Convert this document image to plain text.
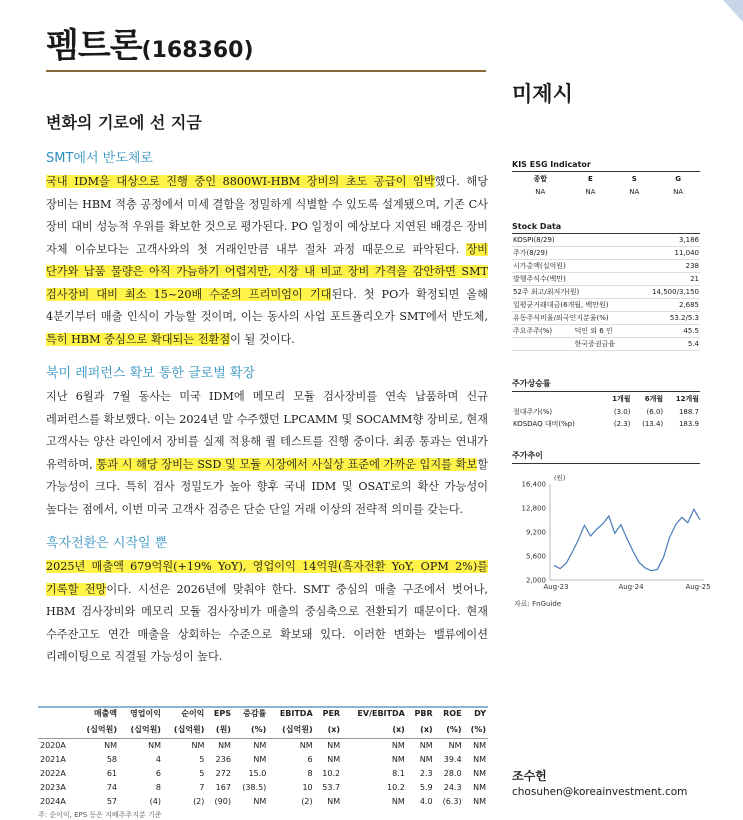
펨트론(168360)
미제시
변화의 기로에 선 지금
SMT에서 반도체로

국내 IDM을 대상으로 진행 중인 8800WI-HBM 장비의 초도 공급이 임박했다. 해당 장비는 HBM 적층 공정에서 미세 결함을 정밀하게 식별할 수 있도록 설계됐으며, 기존 C사 장비 대비 성능적 우위를 확보한 것으로 평가된다. PO 일정이 예상보다 지연된 배경은 장비 자체 이슈보다는 고객사와의 첫 거래인만큼 내부 절차 과정 때문으로 파악된다. 장비 단가와 납품 물량은 아직 가늠하기 어렵지만, 시장 내 비교 장비 가격을 감안하면 SMT 검사장비 대비 최소 15~20배 수준의 프리미엄이 기대된다. 첫 PO가 확정되면 올해 4분기부터 매출 인식이 가능할 것이며, 이는 동사의 사업 포트폴리오가 SMT에서 반도체, 특히 HBM 중심으로 확대되는 전환점이 될 것이다.

북미 레퍼런스 확보 통한 글로벌 확장

지난 6월과 7월 동사는 미국 IDM에 메모리 모듈 검사장비를 연속 납품하며 신규 레퍼런스를 확보했다. 이는 2024년 말 수주했던 LPCAMM 및 SOCAMM향 장비로, 현재 고객사는 양산 라인에서 장비를 실제 적용해 퀄 테스트를 진행 중이다. 최종 통과는 연내가 유력하며, 통과 시 해당 장비는 SSD 및 모듈 시장에서 사실상 표준에 가까운 입지를 확보할 가능성이 크다. 특히 검사 정밀도가 높아 향후 국내 IDM 및 OSAT로의 확산 가능성이 높다는 점에서, 이번 미국 고객사 검증은 단순 단일 거래 이상의 전략적 의미를 갖는다.

흑자전환은 시작일 뿐

2025년 매출액 679억원(+19% YoY), 영업이익 14억원(흑자전환 YoY, OPM 2%)를 기록할 전망이다. 시선은 2026년에 맞춰야 한다. SMT 중심의 매출 구조에서 벗어나, HBM 검사장비와 메모리 모듈 검사장비가 매출의 중심축으로 전환되기 때문이다. 현재 수주잔고도 연간 매출을 상회하는 수준으로 확보돼 있다. 이러한 변화는 밸류에이션 리레이팅으로 직결될 가능성이 높다.

	매출액	영업이익	순이익	EPS	증감률	EBITDA	PER	EV/EBITDA	PBR	ROE	DY
	(십억원)	(십억원)	(십억원)	(원)	(%)	(십억원)	(x)	(x)	(x)	(%)	(%)
2020A	NM	NM	NM	NM	NM	NM	NM	NM	NM	NM	NM
2021A	58	4	5	236	NM	6	NM	NM	NM	39.4	NM
2022A	61	6	5	272	15.0	8	10.2	8.1	2.3	28.0	NM
2023A	74	8	7	167	(38.5)	10	53.7	10.2	5.9	24.3	NM
2024A	57	(4)	(2)	(90)	NM	(2)	NM	NM	4.0	(6.3)	NM
주: 순이익, EPS 등은 지배주주지분 기준
KIS ESG Indicator
종합	E	S	G
NA	NA	NA	NA
Stock Data
KOSPI(8/29)		3,186
주가(8/29)		11,040
시가총액(십억원)		238
발행주식수(백만)		21
52주 최고/최저가(원)		14,500/3,150
일평균거래대금(6개월, 백만원)		2,685
유동주식비율/외국인지분율(%)		53.2/5.3
주요주주(%)	덕인 외 6 인	45.5
	한국증권금융	5.4
주가상승률
	1개월	6개월	12개월
절대주가(%)	(3.0)	(6.0)	188.7
KOSDAQ 대비(%p)	(2.3)	(13.4)	183.9
주가추이
16,400
12,800
9,200
5,600
2,000
(원)
Aug-23	Aug-24	Aug-25
자료: FnGuide
조수헌
chosuhen@koreainvestment.com
